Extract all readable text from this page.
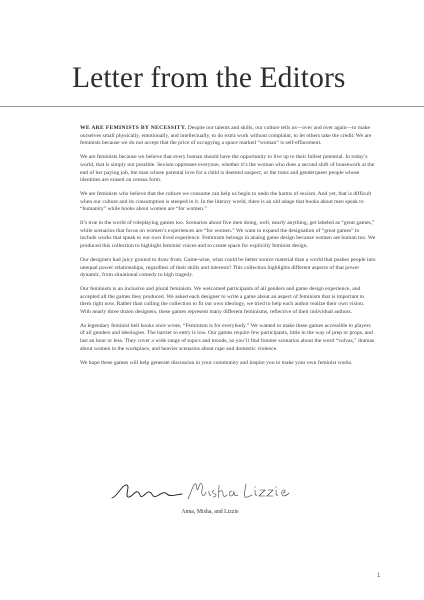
Letter from the Editors

WE ARE FEMINISTS BY NECESSITY. Despite our talents and skills, our culture tells us—over and over again—to make ourselves small physically, emotionally, and intellectually, to do extra work without complaint, to let others take the credit. We are feminists because we do not accept that the price of occupying a space marked “woman” is self-effacement.

We are feminists because we believe that every human should have the opportunity to live up to their fullest potential. In today’s world, that is simply not possible. Sexism oppresses everyone, whether it’s the woman who does a second shift of housework at the end of her paying job, the man whose parental love for a child is deemed suspect, or the trans and genderqueer people whose identities are erased on census form.

We are feminists who believe that the culture we consume can help us begin to undo the harms of sexism. And yet, that is difficult when our culture and its consumption is steeped in it. In the literary world, there is an old adage that books about men speak to “humanity” while books about women are “for women.”

It’s true in the world of roleplaying games too. Scenarios about five men doing, well, nearly anything, get labeled as “great games,” while scenarios that focus on women’s experiences are “for women.” We want to expand the designation of “great games” to include works that speak to our own lived experience. Feminism belongs in analog game design because women are human too. We produced this collection to highlight feminist voices and to create space for explicitly feminist design.

Our designers had juicy ground to draw from. Game-wise, what could be better source material than a world that pushes people into unequal power relationships, regardless of their skills and interests? This collection highlights different aspects of that power dynamic, from situational comedy to high tragedy.

Our feminism is an inclusive and plural feminism. We welcomed participants of all genders and game design experience, and accepted all the games they produced. We asked each designer to write a game about an aspect of feminism that is important to them right now. Rather than culling the collection to fit our own ideology, we tried to help each author realize their own vision. With nearly three dozen designers, these games represent many different feminisms, reflective of their individual authors.

As legendary feminist bell hooks once wrote, “Feminism is for everybody.” We wanted to make these games accessible to players of all genders and ideologies. The barrier to entry is low. Our games require few participants, little in the way of prep or props, and last an hour or less. They cover a wide range of topics and moods, so you’ll find funnier scenarios about the word “vulvas,” dramas about women in the workplace, and heavier scenarios about rape and domestic violence.

We hope these games will help generate discussion in your community and inspire you to make your own feminist works.

Anna, Misha, and Lizzie
1
